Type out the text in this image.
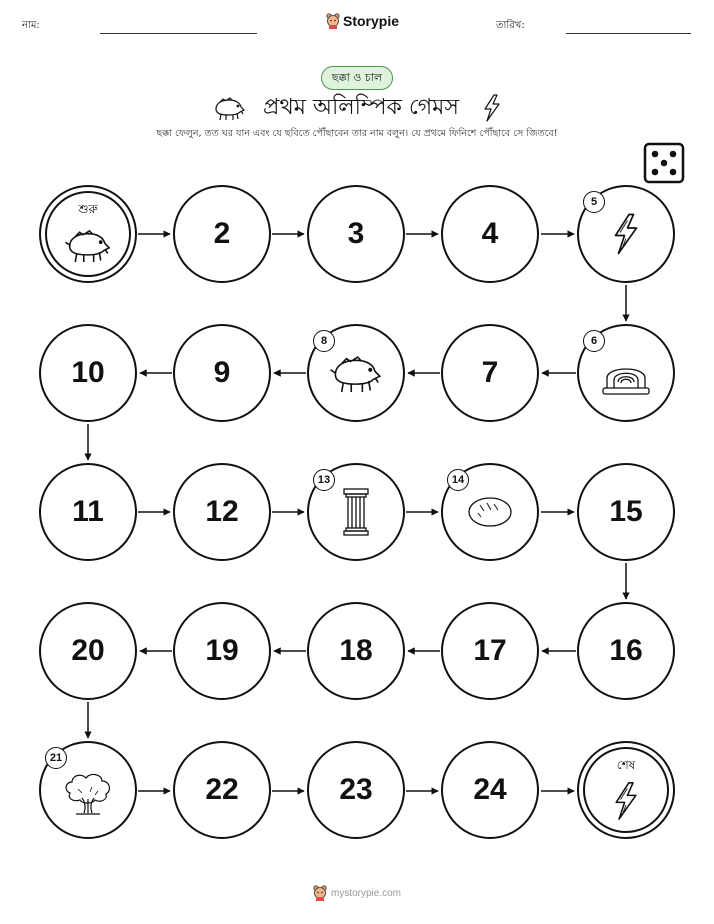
নাম:	Storypie	তারিখ:
ছক্কা ও চাল
প্রথম অলিম্পিক গেমস
ছক্কা ফেলুন, তত ঘর যান এবং যে ছবিতে পৌঁছাবেন তার নাম বলুন। যে প্রথমে ফিনিশে পৌঁছাবে সে জিতবে!
শুরু
2	3	4
5
10	9
8
7
6
11	12
13	14
15
20	19	18	17	16
21
22	23	24
শেষ
mystorypie.com
